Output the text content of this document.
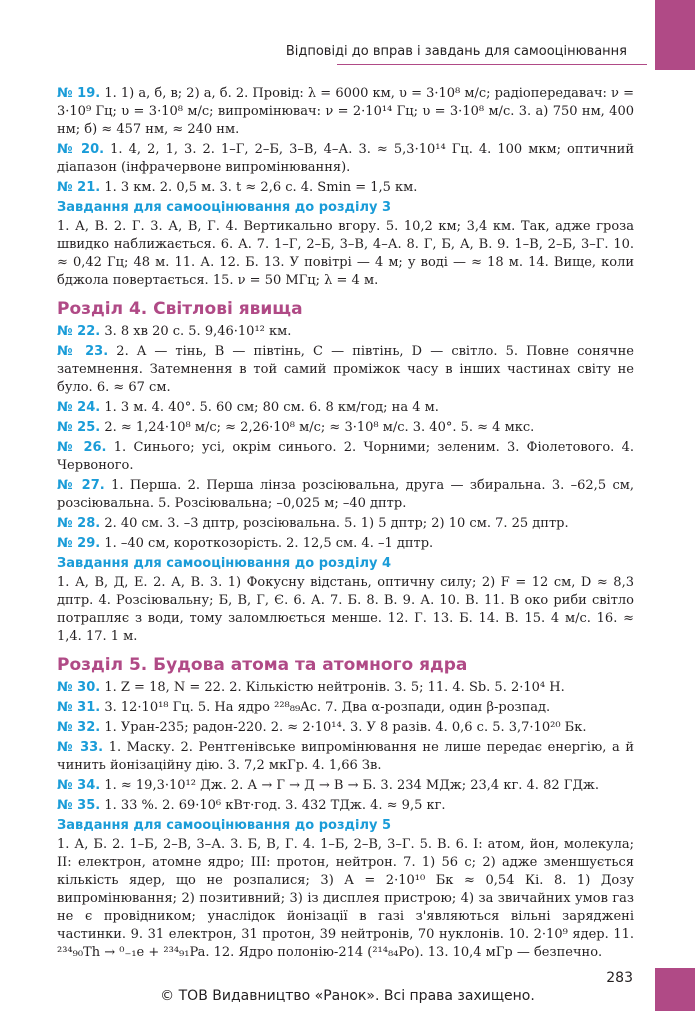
Відповіді до вправ і завдань для самооцінювання

№ 19. 1. 1) а, б, в; 2) а, б. 2. Провід: λ = 6000 км, υ = 3·10⁸ м/с; радіопередавач: ν = 3·10⁹ Гц; υ = 3·10⁸ м/с; випромінювач: ν = 2·10¹⁴ Гц; υ = 3·10⁸ м/с. 3. а) 750 нм, 400 нм; б) ≈ 457 нм, ≈ 240 нм.

№ 20. 1. 4, 2, 1, 3. 2. 1–Г, 2–Б, 3–В, 4–А. 3. ≈ 5,3·10¹⁴ Гц. 4. 100 мкм; оптичний діапазон (інфрачервоне випромінювання).

№ 21. 1. 3 км. 2. 0,5 м. 3. t ≈ 2,6 с. 4. Smin = 1,5 км.

Завдання для самооцінювання до розділу 3

1. А, В. 2. Г. 3. А, В, Г. 4. Вертикально вгору. 5. 10,2 км; 3,4 км. Так, адже гроза швидко наближається. 6. А. 7. 1–Г, 2–Б, 3–В, 4–А. 8. Г, Б, А, В. 9. 1–В, 2–Б, 3–Г. 10. ≈ 0,42 Гц; 48 м. 11. А. 12. Б. 13. У повітрі — 4 м; у воді — ≈ 18 м. 14. Вище, коли бджола повертається. 15. ν = 50 МГц; λ = 4 м.

Розділ 4. Світлові явища

№ 22. 3. 8 хв 20 с. 5. 9,46·10¹² км.

№ 23. 2. A — тінь, B — півтінь, C — півтінь, D — світло. 5. Повне сонячне затемнення. Затемнення в той самий проміжок часу в інших частинах світу не було. 6. ≈ 67 см.

№ 24. 1. 3 м. 4. 40°. 5. 60 см; 80 см. 6. 8 км/год; на 4 м.

№ 25. 2. ≈ 1,24·10⁸ м/с; ≈ 2,26·10⁸ м/с; ≈ 3·10⁸ м/с. 3. 40°. 5. ≈ 4 мкс.

№ 26. 1. Синього; усі, окрім синього. 2. Чорними; зеленим. 3. Фіолетового. 4. Червоного.

№ 27. 1. Перша. 2. Перша лінза розсіювальна, друга — збиральна. 3. –62,5 см, розсіювальна. 5. Розсіювальна; –0,025 м; –40 дптр.

№ 28. 2. 40 см. 3. –3 дптр, розсіювальна. 5. 1) 5 дптр; 2) 10 см. 7. 25 дптр.

№ 29. 1. –40 см, короткозорість. 2. 12,5 см. 4. –1 дптр.

Завдання для самооцінювання до розділу 4

1. А, В, Д, Е. 2. А, В. 3. 1) Фокусну відстань, оптичну силу; 2) F = 12 см, D ≈ 8,3 дптр. 4. Розсіювальну; Б, В, Г, Є. 6. А. 7. Б. 8. В. 9. А. 10. В. 11. В око риби світло потрапляє з води, тому заломлюється менше. 12. Г. 13. Б. 14. В. 15. 4 м/с. 16. ≈ 1,4. 17. 1 м.

Розділ 5. Будова атома та атомного ядра

№ 30. 1. Z = 18, N = 22. 2. Кількістю нейтронів. 3. 5; 11. 4. Sb. 5. 2·10⁴ Н.

№ 31. 3. 12·10¹⁸ Гц. 5. На ядро ²²⁸₈₉Ac. 7. Два α-розпади, один β-розпад.

№ 32. 1. Уран-235; радон-220. 2. ≈ 2·10¹⁴. 3. У 8 разів. 4. 0,6 с. 5. 3,7·10²⁰ Бк.

№ 33. 1. Маску. 2. Рентгенівське випромінювання не лише передає енергію, а й чинить йонізаційну дію. 3. 7,2 мкГр. 4. 1,66 Зв.

№ 34. 1. ≈ 19,3·10¹² Дж. 2. А → Г → Д → В → Б. 3. 234 МДж; 23,4 кг. 4. 82 ГДж.

№ 35. 1. 33 %. 2. 69·10⁶ кВт·год. 3. 432 ТДж. 4. ≈ 9,5 кг.

Завдання для самооцінювання до розділу 5

1. А, Б. 2. 1–Б, 2–В, 3–А. 3. Б, В, Г. 4. 1–Б, 2–В, 3–Г. 5. В. 6. І: атом, йон, молекула; ІІ: електрон, атомне ядро; ІІІ: протон, нейтрон. 7. 1) 56 с; 2) адже зменшується кількість ядер, що не розпалися; 3) A = 2·10¹⁰ Бк ≈ 0,54 Кі. 8. 1) Дозу випромінювання; 2) позитивний; 3) із дисплея пристрою; 4) за звичайних умов газ не є провідником; унаслідок йонізації в газі з'являються вільні заряджені частинки. 9. 31 електрон, 31 протон, 39 нейтронів, 70 нуклонів. 10. 2·10⁹ ядер. 11. ²³⁴₉₀Th → ⁰₋₁e + ²³⁴₉₁Pa. 12. Ядро полонію-214 (²¹⁴₈₄Po). 13. 10,4 мГр — безпечно.

283
© ТОВ Видавництво «Ранок». Всі права захищено.
